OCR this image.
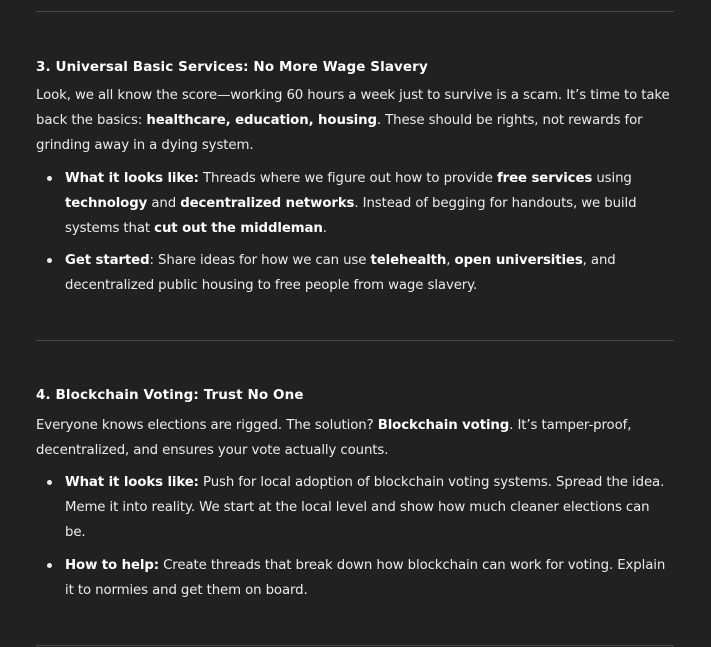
3. Universal Basic Services: No More Wage Slavery

Look, we all know the score—working 60 hours a week just to survive is a scam. It’s time to take back the basics: healthcare, education, housing. These should be rights, not rewards for grinding away in a dying system.

What it looks like: Threads where we figure out how to provide free services using technology and decentralized networks. Instead of begging for handouts, we build systems that cut out the middleman.
Get started: Share ideas for how we can use telehealth, open universities, and decentralized public housing to free people from wage slavery.
4. Blockchain Voting: Trust No One

Everyone knows elections are rigged. The solution? Blockchain voting. It’s tamper-proof, decentralized, and ensures your vote actually counts.

What it looks like: Push for local adoption of blockchain voting systems. Spread the idea. Meme it into reality. We start at the local level and show how much cleaner elections can be.
How to help: Create threads that break down how blockchain can work for voting. Explain it to normies and get them on board.
